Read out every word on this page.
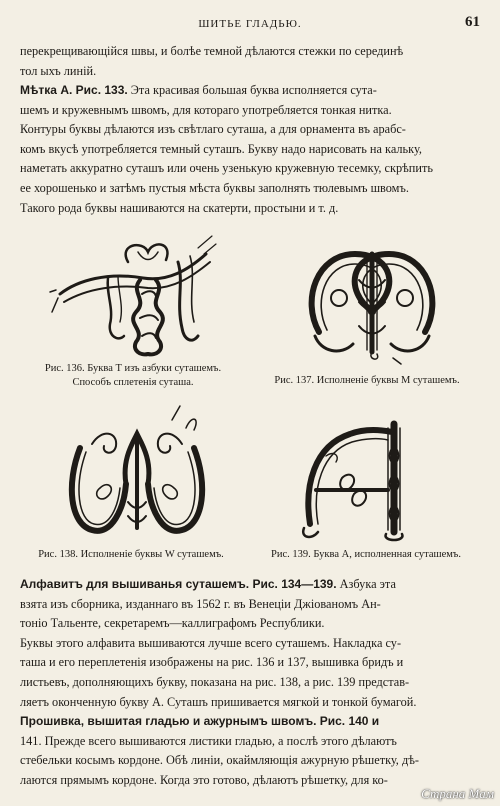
ШИТЬЕ ГЛАДЬЮ.	61
перекрещивающійся швы, и болѣе темной дѣлаются стежки по серединѣ
тол ыхъ линій.
Мѣтка А. Рис. 133. Эта красивая большая буква исполняется сута-
шемъ и кружевнымъ швомъ, для котораго употребляется тонкая нитка.
Контуры буквы дѣлаются изъ свѣтлаго суташа, а для орнамента въ арабс-
комъ вкусѣ употребляется темный суташъ. Букву надо нарисовать на кальку,
наметать аккуратно суташъ или очень узенькую кружевную тесемку, скрѣпить
ее хорошенько и затѣмъ пустыя мѣста буквы заполнять тюлевымъ швомъ.
Такого рода буквы нашиваются на скатерти, простыни и т. д.
Рис. 136. Буква Т изъ азбуки суташемъ.
Способъ сплетенія суташа.	Рис. 137. Исполненіе буквы М суташемъ.
Рис. 138. Исполненіе буквы W суташемъ.	Рис. 139. Буква А, исполненная суташемъ.
Алфавитъ для вышиванья суташемъ. Рис. 134—139. Азбука эта
взята изъ сборника, изданнаго въ 1562 г. въ Венеціи Джіованомъ Ан-
тоніо Тальенте, секретаремъ—каллиграфомъ Республики.
Буквы этого алфавита вышиваются лучше всего суташемъ. Накладка су-
таша и его переплетенія изображены на рис. 136 и 137, вышивка бридъ и
листьевъ, дополняющихъ букву, показана на рис. 138, а рис. 139 представ-
ляетъ оконченную букву А. Суташъ пришивается мягкой и тонкой бумагой.
Прошивка, вышитая гладью и ажурнымъ швомъ. Рис. 140 и
141. Прежде всего вышиваются листики гладью, а послѣ этого дѣлаютъ
стебельки косымъ кордоне. Обѣ линіи, окаймляющія ажурную рѣшетку, дѣ-
лаются прямымъ кордоне. Когда это готово, дѣлаютъ рѣшетку, для ко-
Страна Мам
